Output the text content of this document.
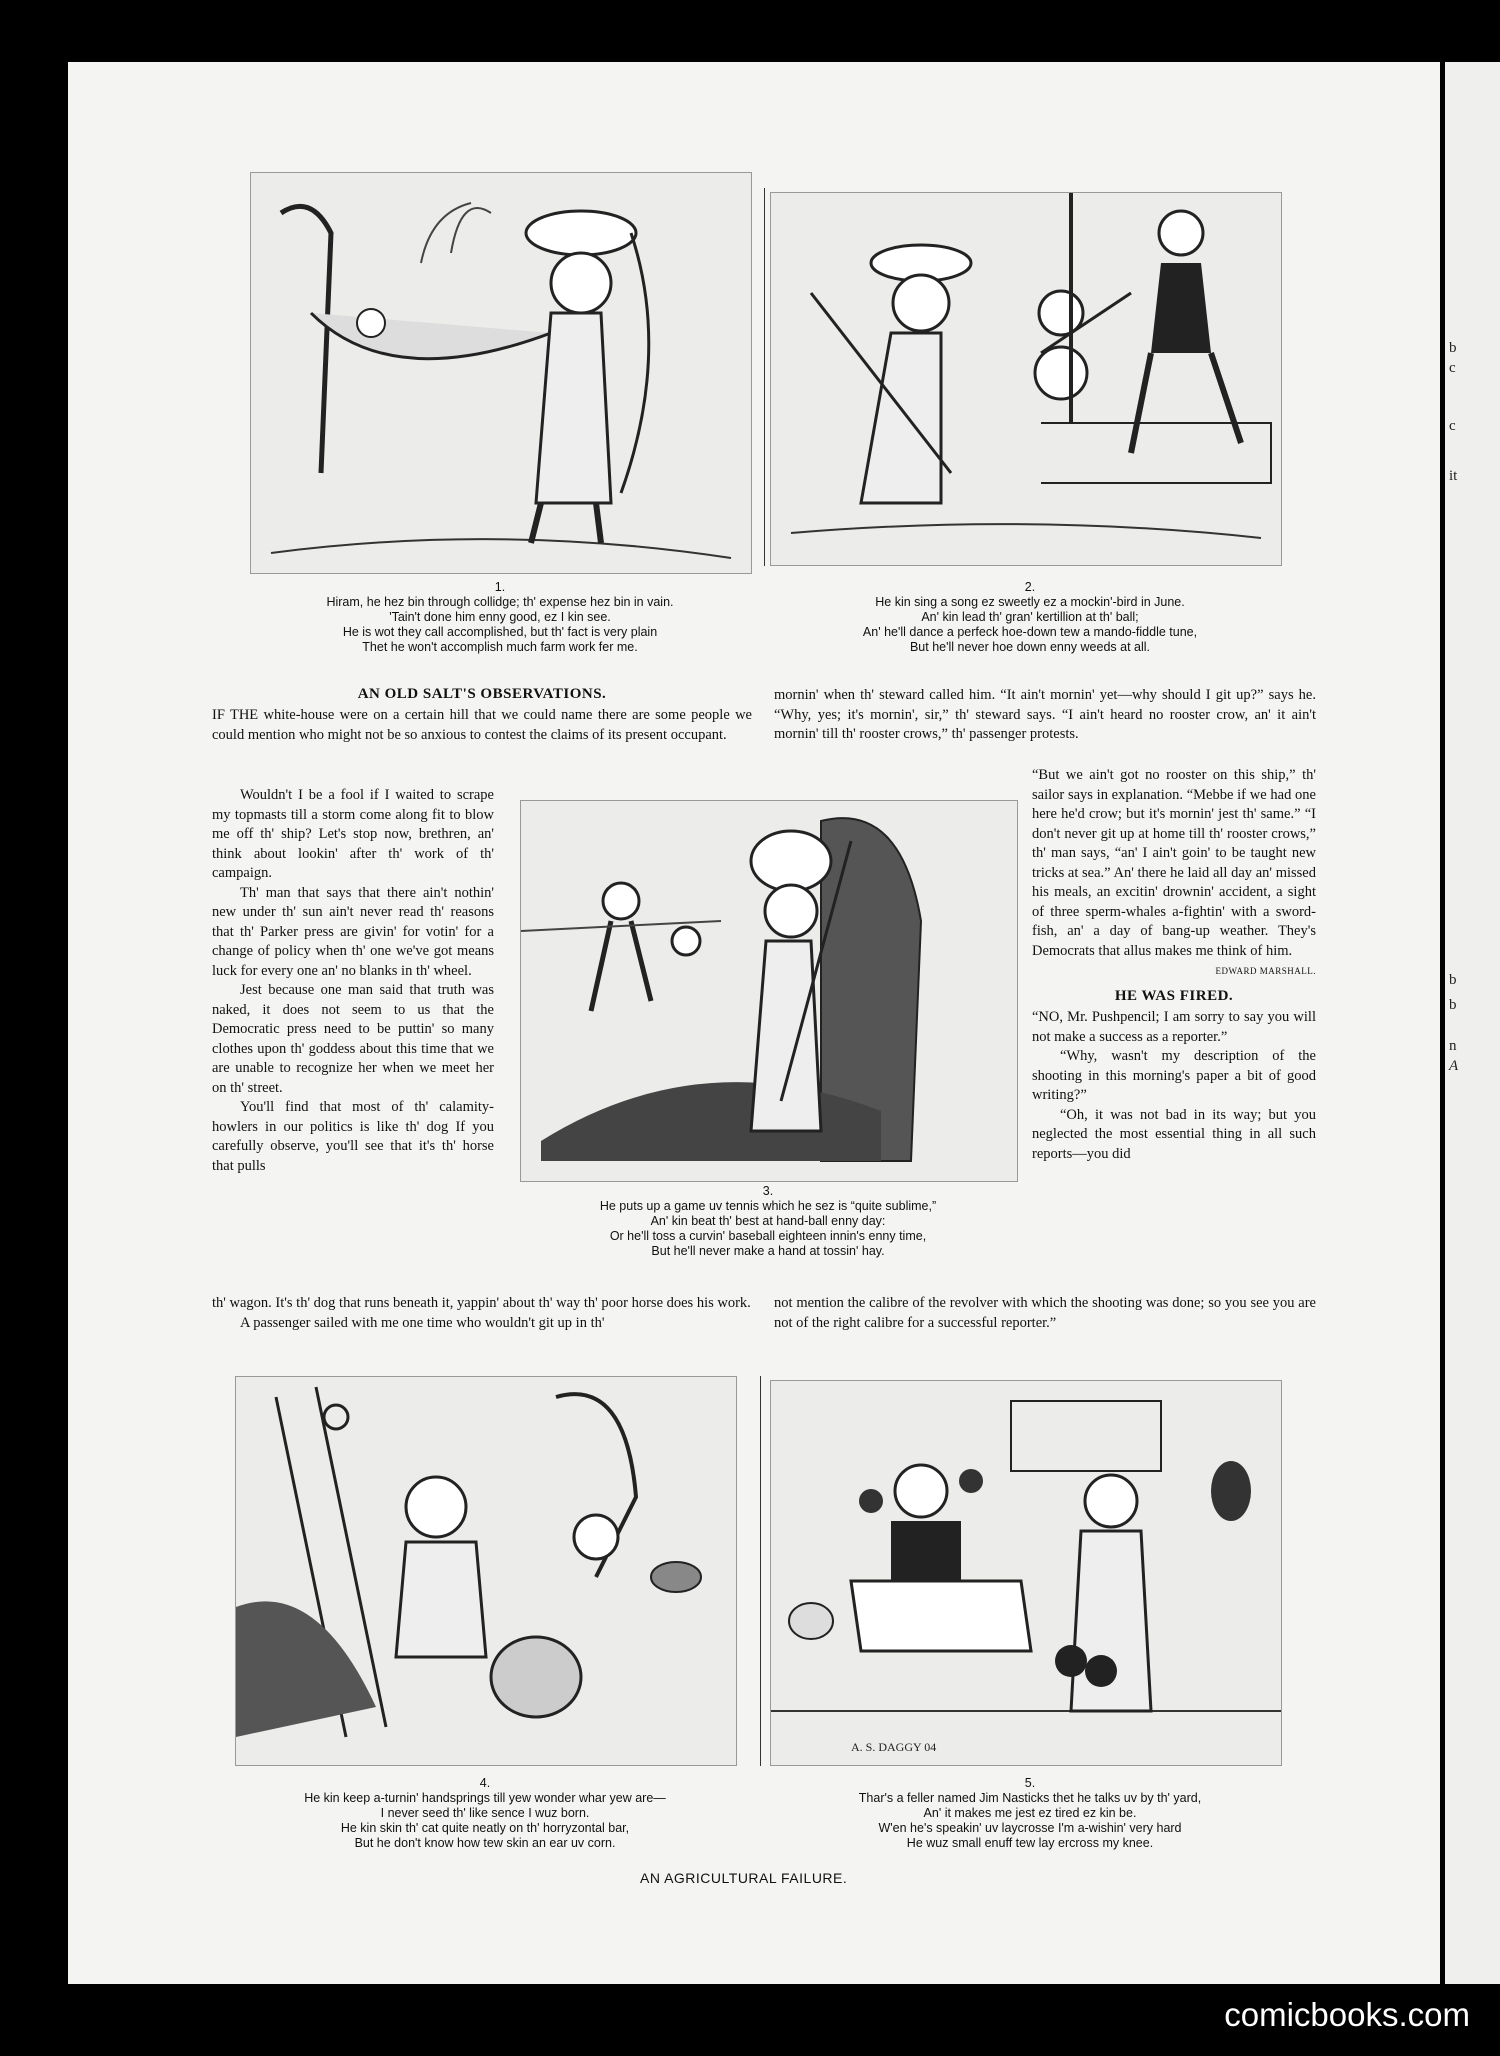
b
c
c
it
b
b
n
A
1.
Hiram, he hez bin through collidge; th' expense hez bin in vain.
'Tain't done him enny good, ez I kin see.
He is wot they call accomplished, but th' fact is very plain
Thet he won't accomplish much farm work fer me.
2.
He kin sing a song ez sweetly ez a mockin'-bird in June.
An' kin lead th' gran' kertillion at th' ball;
An' he'll dance a perfeck hoe-down tew a mando-fiddle tune,
But he'll never hoe down enny weeds at all.
AN OLD SALT'S OBSERVATIONS.

IF THE white-house were on a certain hill that we could name there are some people we could mention who might not be so anxious to contest the claims of its present occupant.

Wouldn't I be a fool if I waited to scrape my topmasts till a storm come along fit to blow me off th' ship? Let's stop now, brethren, an' think about lookin' after th' work of th' campaign.

Th' man that says that there ain't nothin' new under th' sun ain't never read th' reasons that th' Parker press are givin' for votin' for a change of policy when th' one we've got means luck for every one an' no blanks in th' wheel.

Jest because one man said that truth was naked, it does not seem to us that the Democratic press need to be puttin' so many clothes upon th' goddess about this time that we are unable to recognize her when we meet her on th' street.

You'll find that most of th' calamity-howlers in our politics is like th' dog If you carefully observe, you'll see that it's th' horse that pulls

th' wagon. It's th' dog that runs beneath it, yappin' about th' way th' poor horse does his work.

A passenger sailed with me one time who wouldn't git up in th'

3.
He puts up a game uv tennis which he sez is “quite sublime,”
An' kin beat th' best at hand-ball enny day:
Or he'll toss a curvin' baseball eighteen innin's enny time,
But he'll never make a hand at tossin' hay.

mornin' when th' steward called him. “It ain't mornin' yet—why should I git up?” says he. “Why, yes; it's mornin', sir,” th' steward says. “I ain't heard no rooster crow, an' it ain't mornin' till th' rooster crows,” th' passenger protests.

“But we ain't got no rooster on this ship,” th' sailor says in explanation. “Mebbe if we had one here he'd crow; but it's mornin' jest th' same.” “I don't never git up at home till th' rooster crows,” th' man says, “an' I ain't goin' to be taught new tricks at sea.” An' there he laid all day an' missed his meals, an excitin' drownin' accident, a sight of three sperm-whales a-fightin' with a sword-fish, an' a day of bang-up weather. They's Democrats that allus makes me think of him.

EDWARD MARSHALL.

HE WAS FIRED.

“NO, Mr. Pushpencil; I am sorry to say you will not make a success as a reporter.”

“Why, wasn't my description of the shooting in this morning's paper a bit of good writing?”

“Oh, it was not bad in its way; but you neglected the most essential thing in all such reports—you did

not mention the calibre of the revolver with which the shooting was done; so you see you are not of the right calibre for a successful reporter.”

A. S. DAGGY 04
4.
He kin keep a-turnin' handsprings till yew wonder whar yew are—
I never seed th' like sence I wuz born.
He kin skin th' cat quite neatly on th' horryzontal bar,
But he don't know how tew skin an ear uv corn.
5.
Thar's a feller named Jim Nasticks thet he talks uv by th' yard,
An' it makes me jest ez tired ez kin be.
W'en he's speakin' uv laycrosse I'm a-wishin' very hard
He wuz small enuff tew lay ercross my knee.
AN AGRICULTURAL FAILURE.
comicbooks.com
